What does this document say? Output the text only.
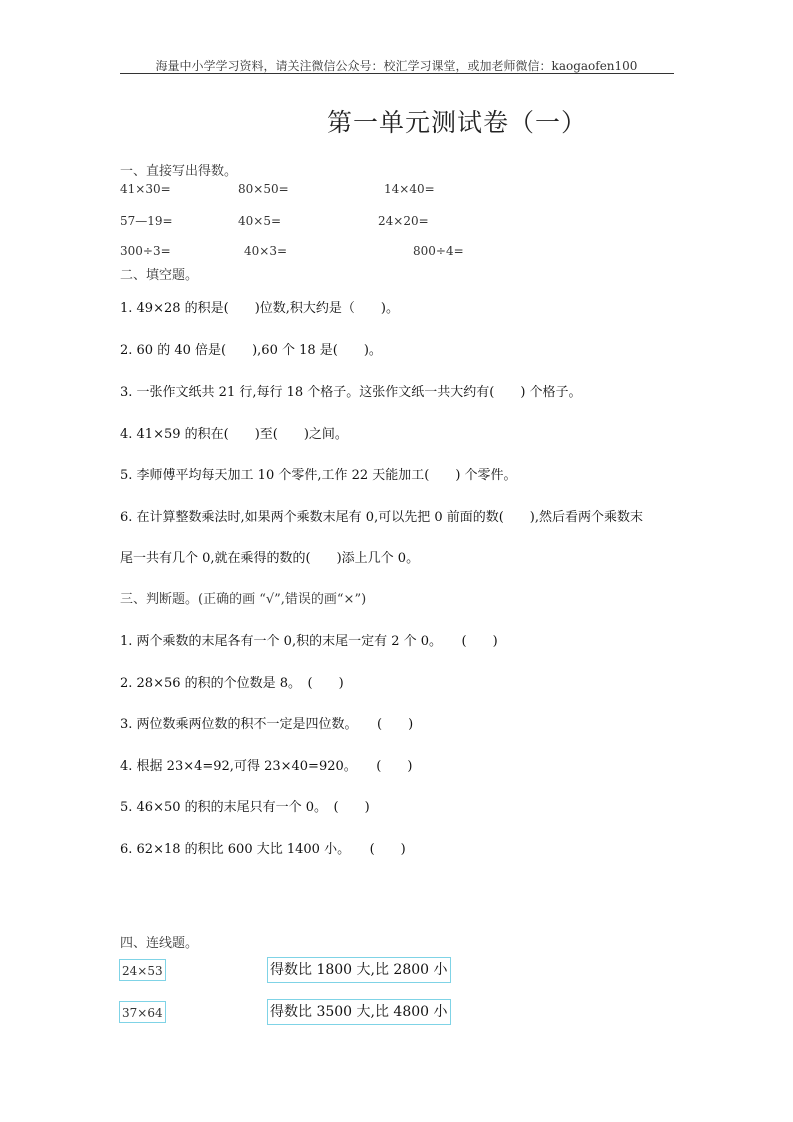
海量中小学学习资料，请关注微信公众号：校汇学习课堂，或加老师微信：kaogaofen100
第一单元测试卷（一）
一、直接写出得数。
41×30=	80×50=	14×40=
57—19=	40×5=	24×20=
300÷3=	40×3=	800÷4=
二、填空题。
1. 49×28 的积是(　　)位数,积大约是（　　)。
2. 60 的 40 倍是(　　),60 个 18 是(　　)。
3. 一张作文纸共 21 行,每行 18 个格子。这张作文纸一共大约有(　　) 个格子。
4. 41×59 的积在(　　)至(　　)之间。
5. 李师傅平均每天加工 10 个零件,工作 22 天能加工(　　) 个零件。
6. 在计算整数乘法时,如果两个乘数末尾有 0,可以先把 0 前面的数(　　),然后看两个乘数末
尾一共有几个 0,就在乘得的数的(　　)添上几个 0。
三、判断题。(正确的画 “√”,错误的画“×”)
1. 两个乘数的末尾各有一个 0,积的末尾一定有 2 个 0。　　(　　)
2. 28×56 的积的个位数是 8。　(　　)
3. 两位数乘两位数的积不一定是四位数。　　(　　)
4. 根据 23×4=92,可得 23×40=920。　　(　　)
5. 46×50 的积的末尾只有一个 0。　(　　)
6. 62×18 的积比 600 大比 1400 小。　　(　　)
四、连线题。
24×53	得数比 1800 大,比 2800 小
37×64	得数比 3500 大,比 4800 小
